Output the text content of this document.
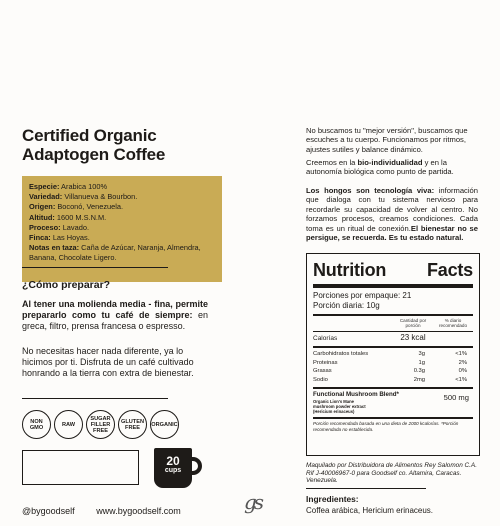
Certified Organic Adaptogen Coffee
Especie: Arabica 100%
Variedad: Villanueva & Bourbon.
Origen: Boconó, Venezuela.
Altitud: 1600 M.S.N.M.
Proceso: Lavado.
Finca: Las Hoyas.
Notas en taza: Caña de Azúcar, Naranja, Almendra, Banana, Chocolate Ligero.
¿Cómo preparar?
Al tener una molienda media - fina, permite prepararlo como tu café de siempre: en greca, filtro, prensa francesa o espresso.
No necesitas hacer nada diferente, ya lo hicimos por ti. Disfruta de un café cultivado honrando a la tierra con extra de bienestar.
NON GMO	RAW
SUGAR FILLER FREE
GLUTEN FREE	ORGANIC
20
cups
@bygoodself www.bygoodself.com	gs
No buscamos tu "mejor versión", buscamos que escuches a tu cuerpo. Funcionamos por ritmos, ajustes sutiles y balance dinámico.
Creemos en la bio-individualidad y en la autonomía biológica como punto de partida.
Los hongos son tecnología viva: información que dialoga con tu sistema nervioso para recordarle su capacidad de volver al centro. No forzamos procesos, creamos condiciones. Cada toma es un ritual de conexión.El bienestar no se persigue, se recuerda. Es tu estado natural.
Nutrition Facts
Porciones por empaque: 21
Porción diaria: 10g
Cantidad por porción
% diario recomendado
Calorías	23 kcal
Carbohidratos totales	3g	<1%
Proteinas	1g	2%
Grasas	0.3g	0%
Sodio	2mg	<1%
Functional Mushroom Blend*
Organic Lion's Mane mushroom powder extract (Hericium erinaceus)
500 mg
Porción recomendada basada en una dieta de 2000 kcalorías. *Porción recomendada no establecida.
Maquilado por Distribuidora de Alimentos Rey Salomon C.A. Rif J-40006967-0 para Goodself co. Altamira, Caracas. Venezuela.
Ingredientes:
Coffea arábica, Hericium erinaceus.
